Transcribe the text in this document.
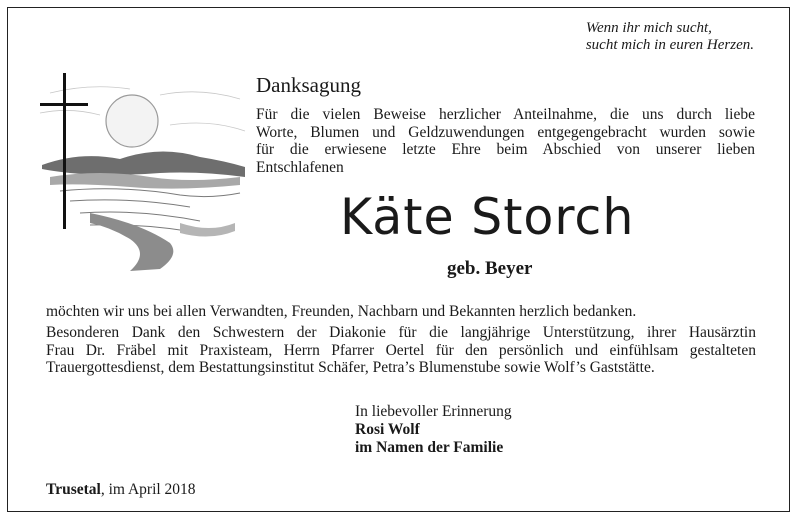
Wenn ihr mich sucht,
sucht mich in euren Herzen.
Danksagung
Für die vielen Beweise herzlicher Anteilnahme, die uns durch liebe
Worte, Blumen und Geldzuwendungen entgegengebracht wurden sowie
für die erwiesene letzte Ehre beim Abschied von unserer lieben
Entschlafenen
Käte Storch
geb. Beyer
möchten wir uns bei allen Verwandten, Freunden, Nachbarn und Bekannten herzlich bedanken.
Besonderen Dank den Schwestern der Diakonie für die langjährige Unterstützung, ihrer Hausärztin
Frau Dr. Fräbel mit Praxisteam, Herrn Pfarrer Oertel für den persönlich und einfühlsam gestalteten
Trauergottesdienst, dem Bestattungsinstitut Schäfer, Petra’s Blumenstube sowie Wolf’s Gaststätte.
In liebevoller Erinnerung
Rosi Wolf
im Namen der Familie
Trusetal, im April 2018
